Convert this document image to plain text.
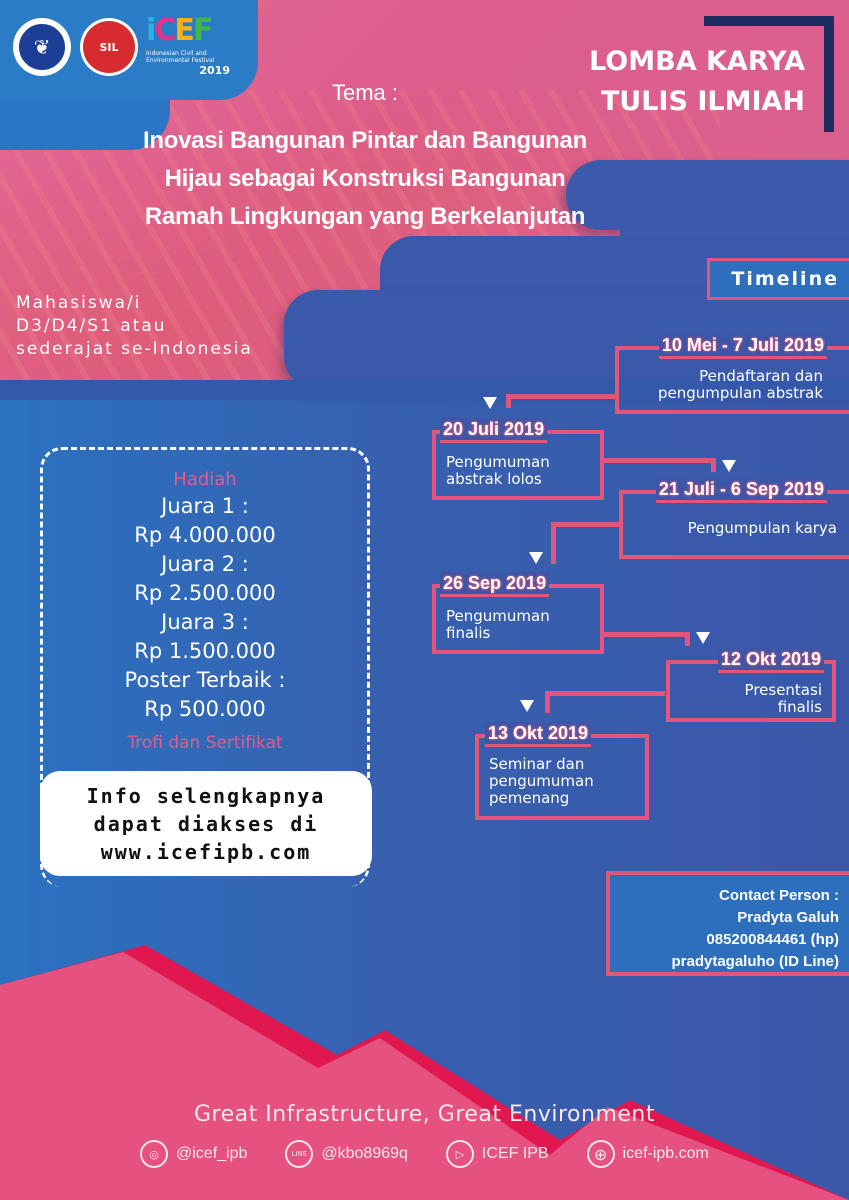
❦	SIL iCEF
Indonesian Civil and Environmental Festival
2019	LOMBA KARYA
TULIS ILMIAH
Tema :
Inovasi Bangunan Pintar dan Bangunan
Hijau sebagai Konstruksi Bangunan
Ramah Lingkungan yang Berkelanjutan
Mahasiswa/i
D3/D4/S1 atau
sederajat se-Indonesia
Timeline
10 Mei - 7 Juli 2019
Pendaftaran dan
pengumpulan abstrak
20 Juli 2019
Pengumuman
abstrak lolos	21 Juli - 6 Sep 2019
Pengumpulan karya
26 Sep 2019
Pengumuman
finalis
12 Okt 2019
Presentasi
finalis
13 Okt 2019
Seminar dan
pengumuman
pemenang
Hadiah
Juara 1 :
Rp 4.000.000
Juara 2 :
Rp 2.500.000
Juara 3 :
Rp 1.500.000
Poster Terbaik :
Rp 500.000
Trofi dan Sertifikat
Info selengkapnya
dapat diakses di
www.icefipb.com
Contact Person :
Pradyta Galuh
085200844461 (hp)
pradytagaluho (ID Line)
Great Infrastructure, Great Environment
◎	@icef_ipb	LINE @kbo8969q	▷	ICEF IPB	⊕ icef-ipb.com
